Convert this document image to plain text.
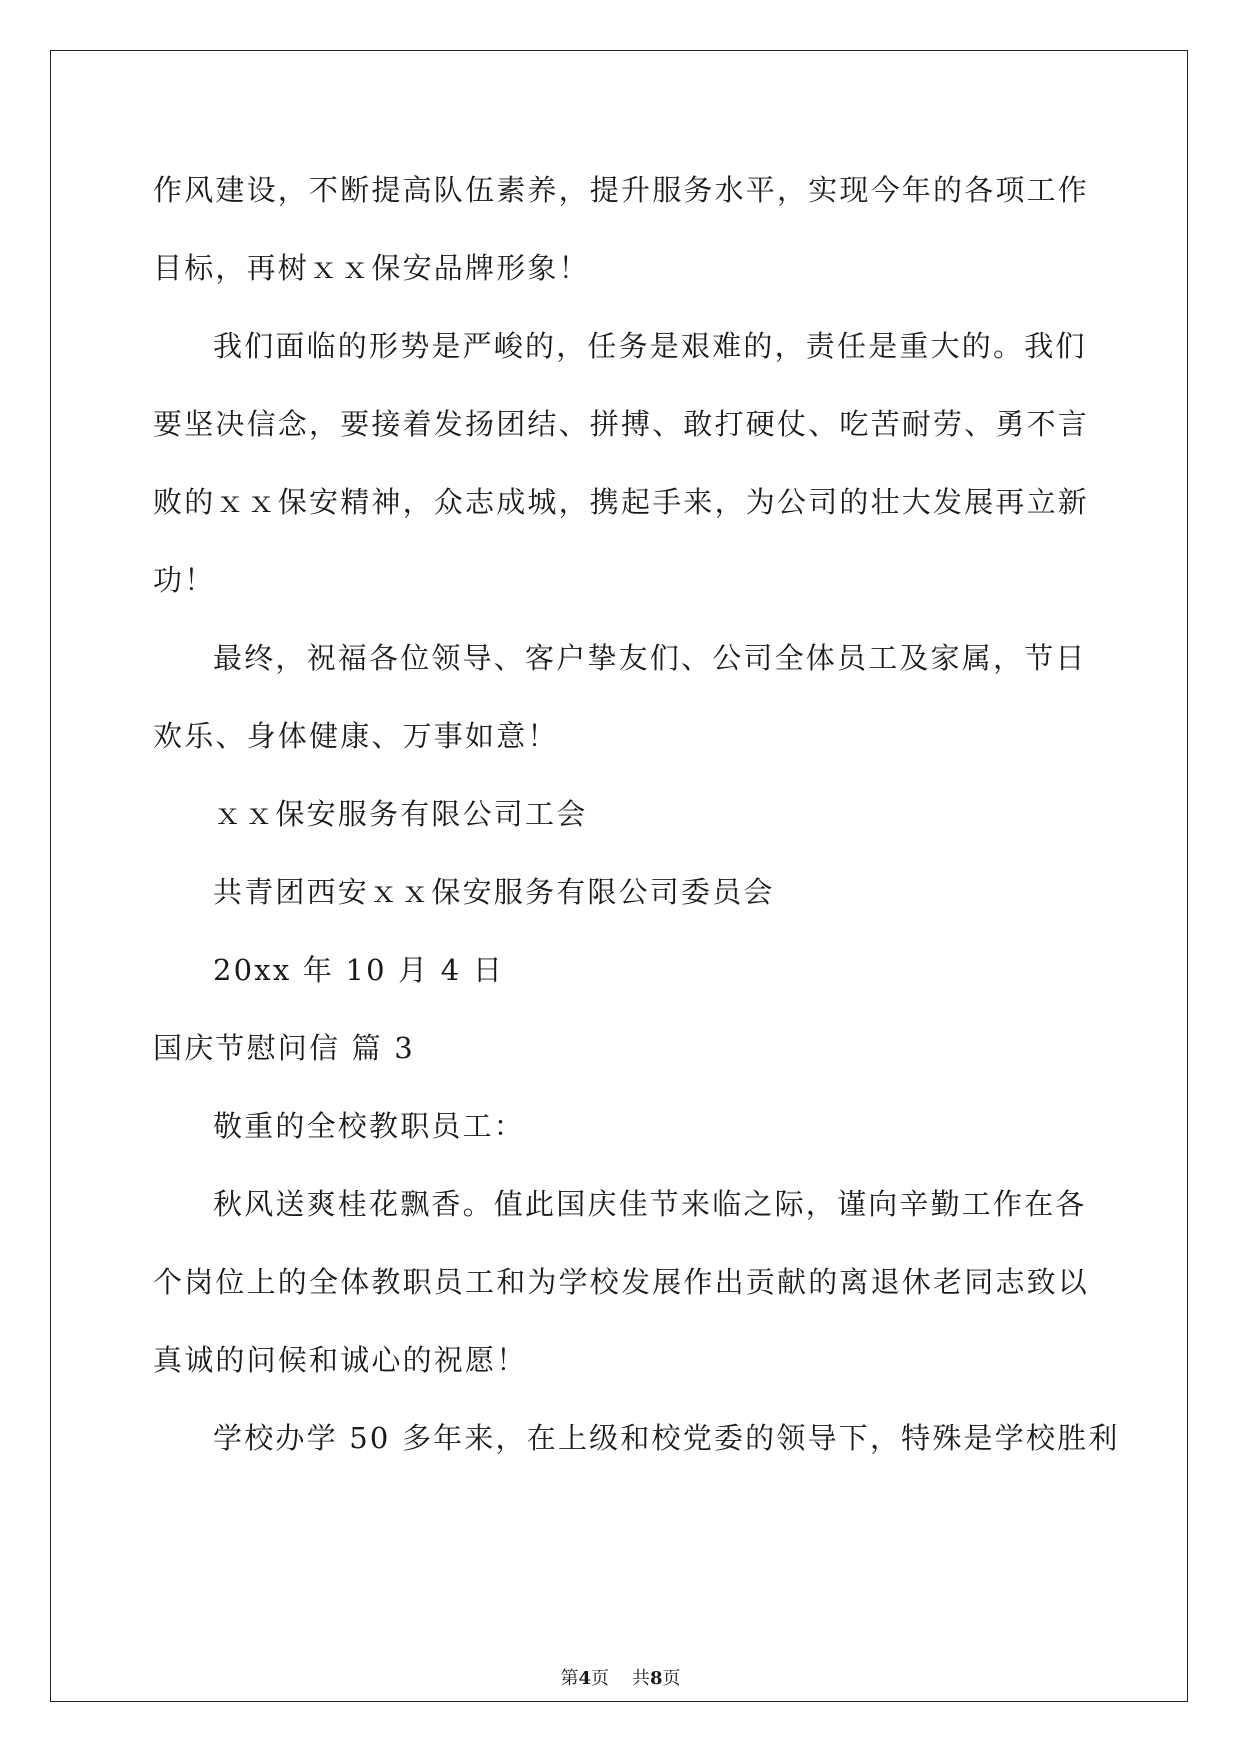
作风建设，不断提高队伍素养，提升服务水平，实现今年的各项工作
目标，再树ｘｘ保安品牌形象！
我们面临的形势是严峻的，任务是艰难的，责任是重大的。我们
要坚决信念，要接着发扬团结、拼搏、敢打硬仗、吃苦耐劳、勇不言
败的ｘｘ保安精神，众志成城，携起手来，为公司的壮大发展再立新
功！
最终，祝福各位领导、客户挚友们、公司全体员工及家属，节日
欢乐、身体健康、万事如意！
ｘｘ保安服务有限公司工会
共青团西安ｘｘ保安服务有限公司委员会
20xx 年 10 月 4 日
国庆节慰问信 篇 3
敬重的全校教职员工：
秋风送爽桂花飘香。值此国庆佳节来临之际，谨向辛勤工作在各
个岗位上的全体教职员工和为学校发展作出贡献的离退休老同志致以
真诚的问候和诚心的祝愿！
学校办学 50 多年来，在上级和校党委的领导下，特殊是学校胜利
第4页    共8页
